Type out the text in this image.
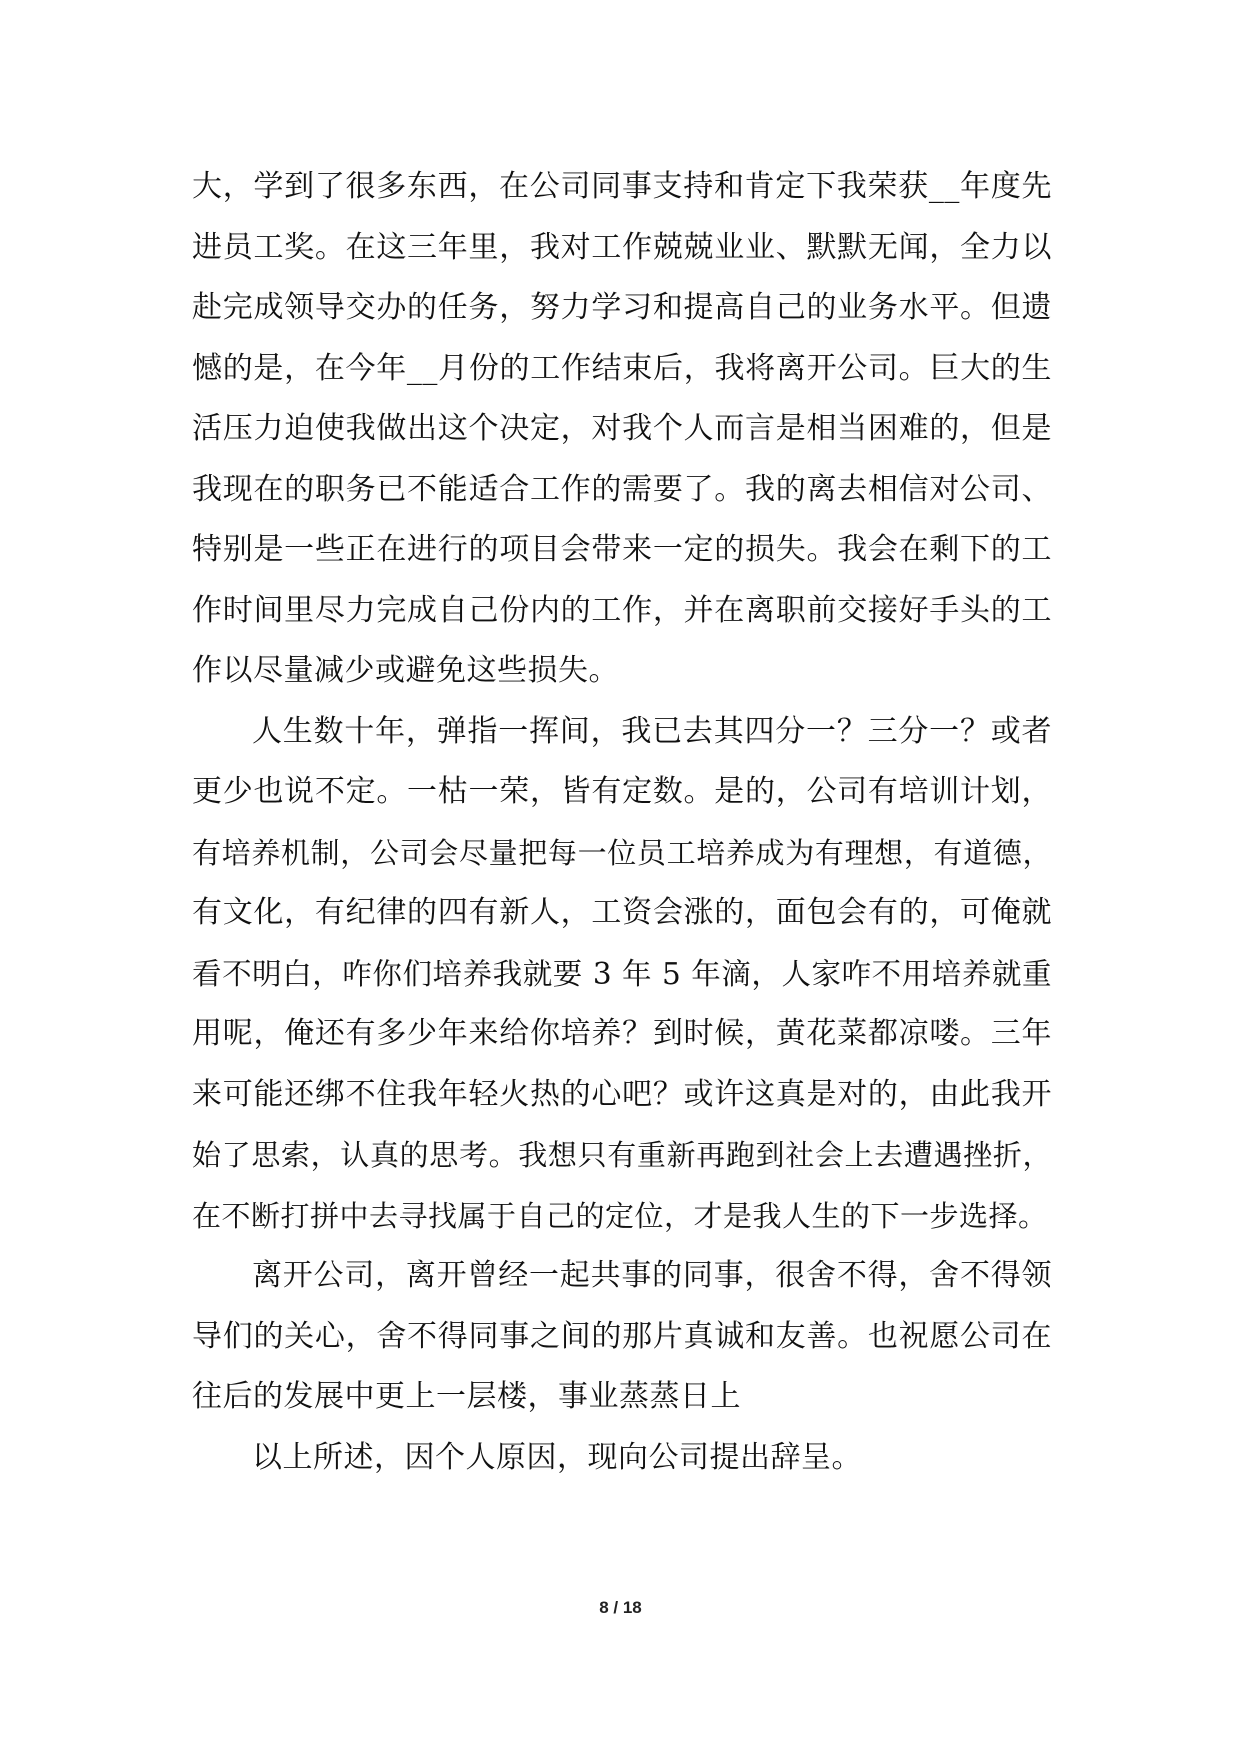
大，学到了很多东西，在公司同事支持和肯定下我荣获__年度先
进员工奖。在这三年里，我对工作兢兢业业、默默无闻，全力以
赴完成领导交办的任务，努力学习和提高自己的业务水平。但遗
憾的是，在今年__月份的工作结束后，我将离开公司。巨大的生
活压力迫使我做出这个决定，对我个人而言是相当困难的，但是
我现在的职务已不能适合工作的需要了。我的离去相信对公司、
特别是一些正在进行的项目会带来一定的损失。我会在剩下的工
作时间里尽力完成自己份内的工作，并在离职前交接好手头的工
作以尽量减少或避免这些损失。
人生数十年，弹指一挥间，我已去其四分一？三分一？或者
更少也说不定。一枯一荣，皆有定数。是的，公司有培训计划，
有培养机制，公司会尽量把每一位员工培养成为有理想，有道德，
有文化，有纪律的四有新人，工资会涨的，面包会有的，可俺就
看不明白，咋你们培养我就要 3 年 5 年滴，人家咋不用培养就重
用呢，俺还有多少年来给你培养？到时候，黄花菜都凉喽。三年
来可能还绑不住我年轻火热的心吧？或许这真是对的，由此我开
始了思索，认真的思考。我想只有重新再跑到社会上去遭遇挫折，
在不断打拼中去寻找属于自己的定位，才是我人生的下一步选择。
离开公司，离开曾经一起共事的同事，很舍不得，舍不得领
导们的关心，舍不得同事之间的那片真诚和友善。也祝愿公司在
往后的发展中更上一层楼，事业蒸蒸日上
以上所述，因个人原因，现向公司提出辞呈。
8 / 18
